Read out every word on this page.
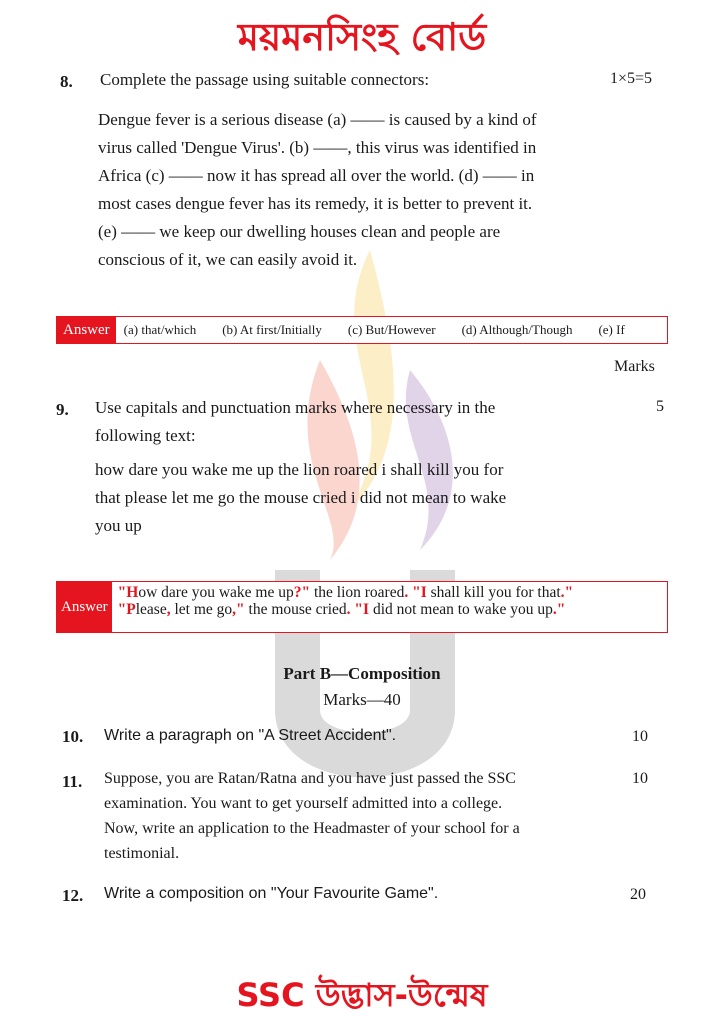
ময়মনসিংহ বোর্ড
8. Complete the passage using suitable connectors:	1×5=5
Dengue fever is a serious disease (a) —— is caused by a kind of
virus called 'Dengue Virus'. (b) ——, this virus was identified in
Africa (c) —— now it has spread all over the world. (d) —— in
most cases dengue fever has its remedy, it is better to prevent it.
(e) —— we keep our dwelling houses clean and people are
conscious of it, we can easily avoid it.
Answer	(a) that/which (b) At first/Initially (c) But/However (d) Although/Though (e) If
Marks
9. Use capitals and punctuation marks where necessary in the
following text:
5
how dare you wake me up the lion roared i shall kill you for
that please let me go the mouse cried i did not mean to wake
you up
Answer
"How dare you wake me up?" the lion roared. "I shall kill you for that."
"Please, let me go," the mouse cried. "I did not mean to wake you up."
Part B—Composition
Marks—40
10. Write a paragraph on "A Street Accident".	10
11. Suppose, you are Ratan/Ratna and you have just passed the SSC
examination. You want to get yourself admitted into a college.
Now, write an application to the Headmaster of your school for a
testimonial.
10
12. Write a composition on "Your Favourite Game".	20
SSC উদ্ভাস-উন্মেষ
